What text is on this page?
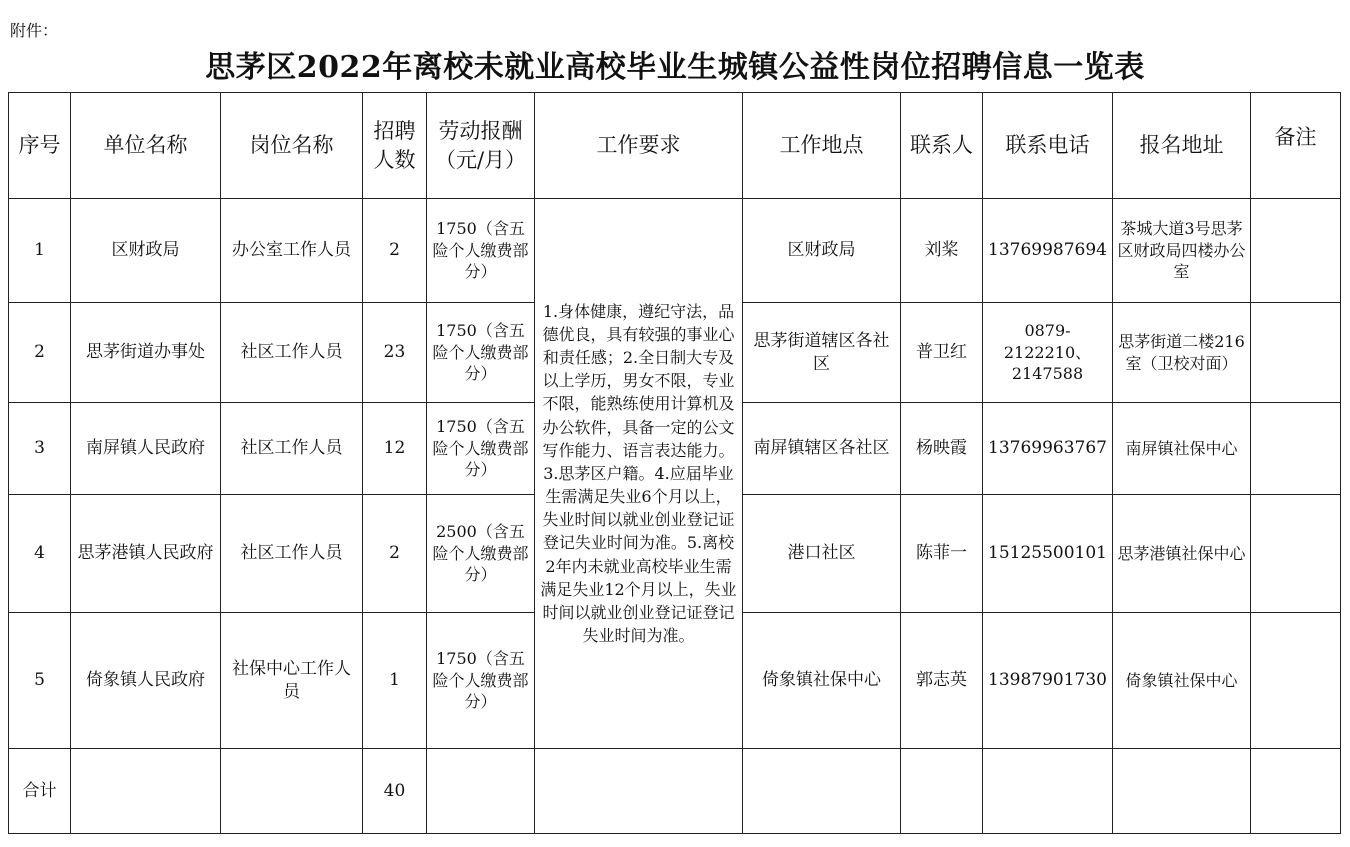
附件：
思茅区2022年离校未就业高校毕业生城镇公益性岗位招聘信息一览表
序号	单位名称	岗位名称	招聘人数	劳动报酬（元/月）	工作要求	工作地点	联系人	联系电话	报名地址	备注
1	区财政局	办公室工作人员	2	1750（含五险个人缴费部分）	1.身体健康，遵纪守法，品德优良，具有较强的事业心和责任感；2.全日制大专及以上学历，男女不限，专业不限，能熟练使用计算机及办公软件，具备一定的公文写作能力、语言表达能力。3.思茅区户籍。4.应届毕业生需满足失业6个月以上，失业时间以就业创业登记证登记失业时间为准。5.离校2年内未就业高校毕业生需满足失业12个月以上，失业时间以就业创业登记证登记失业时间为准。	区财政局	刘桨	13769987694	茶城大道3号思茅区财政局四楼办公室	
2	思茅街道办事处	社区工作人员	23	1750（含五险个人缴费部分）		思茅街道辖区各社区	普卫红	0879-2122210、2147588	思茅街道二楼216室（卫校对面）	
3	南屏镇人民政府	社区工作人员	12	1750（含五险个人缴费部分）		南屏镇辖区各社区	杨映霞	13769963767	南屏镇社保中心	
4	思茅港镇人民政府	社区工作人员	2	2500（含五险个人缴费部分）		港口社区	陈菲一	15125500101	思茅港镇社保中心	
5	倚象镇人民政府	社保中心工作人员	1	1750（含五险个人缴费部分）		倚象镇社保中心	郭志英	13987901730	倚象镇社保中心	
合计			40							
